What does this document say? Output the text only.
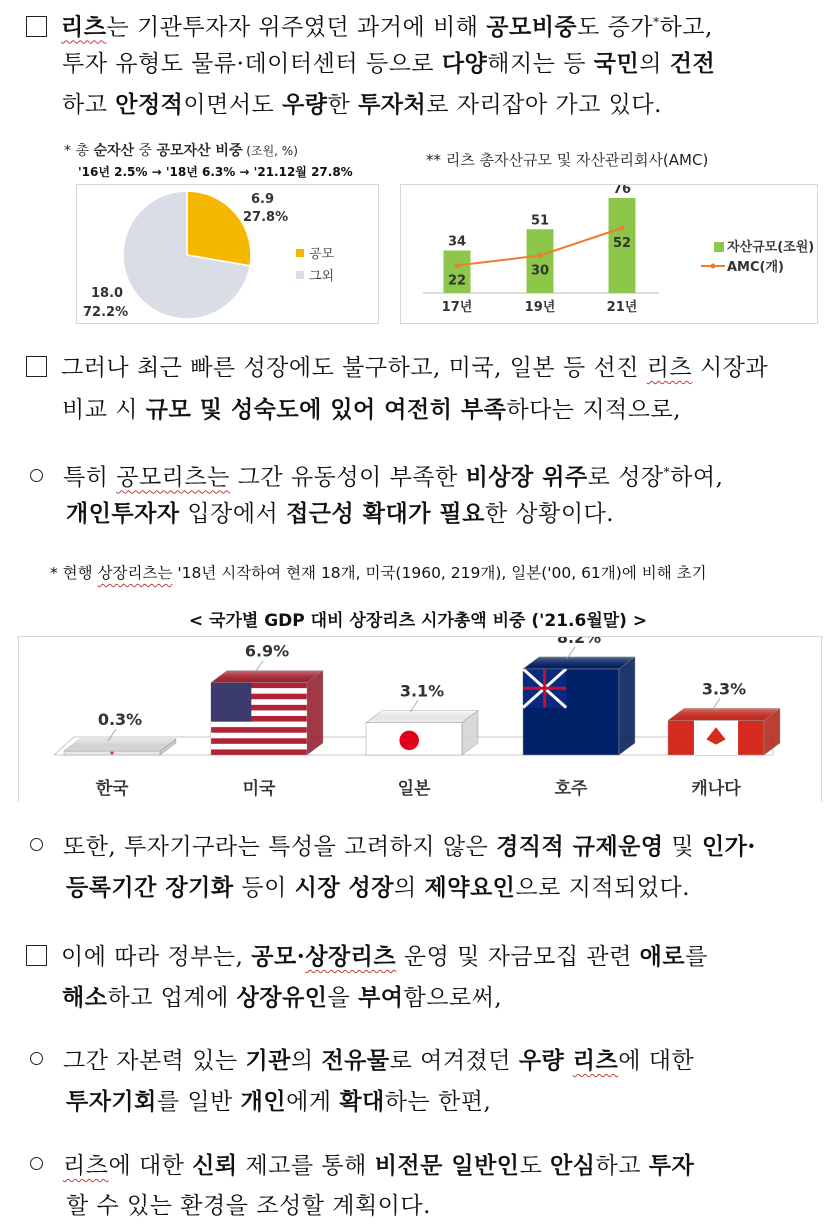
리츠는 기관투자자 위주였던 과거에 비해 공모비중도 증가*하고,
투자 유형도 물류·데이터센터 등으로 다양해지는 등 국민의 건전
하고 안정적이면서도 우량한 투자처로 자리잡아 가고 있다.
* 총 순자산 중 공모자산 비중 (조원, %)
'16년 2.5% → '18년 6.3% → '21.12월 27.8%
6.9
27.8%
18.0
72.2%
공모
그외
** 리츠 총자산규모 및 자산관리회사(AMC)
34
17년
51
19년
76
21년
22
30
52	자산규모(조원)
AMC(개)
그러나 최근 빠른 성장에도 불구하고, 미국, 일본 등 선진 리츠 시장과
비교 시 규모 및 성숙도에 있어 여전히 부족하다는 지적으로,
특히 공모리츠는 그간 유동성이 부족한 비상장 위주로 성장*하여,
개인투자자 입장에서 접근성 확대가 필요한 상황이다.
* 현행 상장리츠는 '18년 시작하여 현재 18개, 미국(1960, 219개), 일본('00, 61개)에 비해 초기
< 국가별 GDP 대비 상장리츠 시가총액 비중 ('21.6월말) >
0.3%
한국
6.9%
미국
3.1%
일본
8.2%
호주
3.3%
캐나다
또한, 투자기구라는 특성을 고려하지 않은 경직적 규제운영 및 인가·
등록기간 장기화 등이 시장 성장의 제약요인으로 지적되었다.
이에 따라 정부는, 공모·상장리츠 운영 및 자금모집 관련 애로를
해소하고 업계에 상장유인을 부여함으로써,
그간 자본력 있는 기관의 전유물로 여겨졌던 우량 리츠에 대한
투자기회를 일반 개인에게 확대하는 한편,
리츠에 대한 신뢰 제고를 통해 비전문 일반인도 안심하고 투자
할 수 있는 환경을 조성할 계획이다.
